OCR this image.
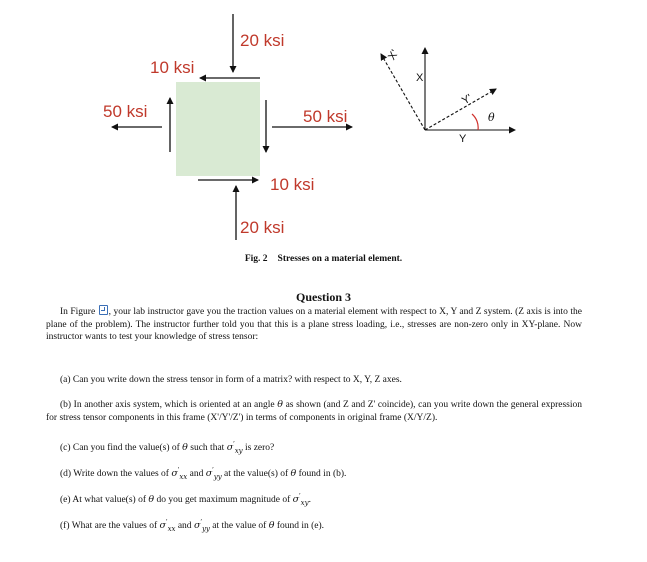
20 ksi
10 ksi
50 ksi	50 ksi
10 ksi
20 ksi
X
Y
X'
Y'
θ
Fig. 2 Stresses on a material element.
Question 3
In Figure , your lab instructor gave you the traction values on a material element with respect to X, Y and Z system. (Z axis is into the plane of the problem). The instructor further told you that this is a plane stress loading, i.e., stresses are non-zero only in XY-plane. Now instructor wants to test your knowledge of stress tensor:
(a) Can you write down the stress tensor in form of a matrix? with respect to X, Y, Z axes.
(b) In another axis system, which is oriented at an angle θ as shown (and Z and Z' coincide), can you write down the general expression for stress tensor components in this frame (X'/Y'/Z') in terms of components in original frame (X/Y/Z).
(c) Can you find the value(s) of θ such that $\sigma'_{xy}$ is zero?
(d) Write down the values of $\sigma'_{xx}$ and $\sigma'_{yy}$ at the value(s) of θ found in (b).
(e) At what value(s) of θ do you get maximum magnitude of $\sigma'_{xy}$.
(f) What are the values of $\sigma'_{xx}$ and $\sigma'_{yy}$ at the value of θ found in (e).
